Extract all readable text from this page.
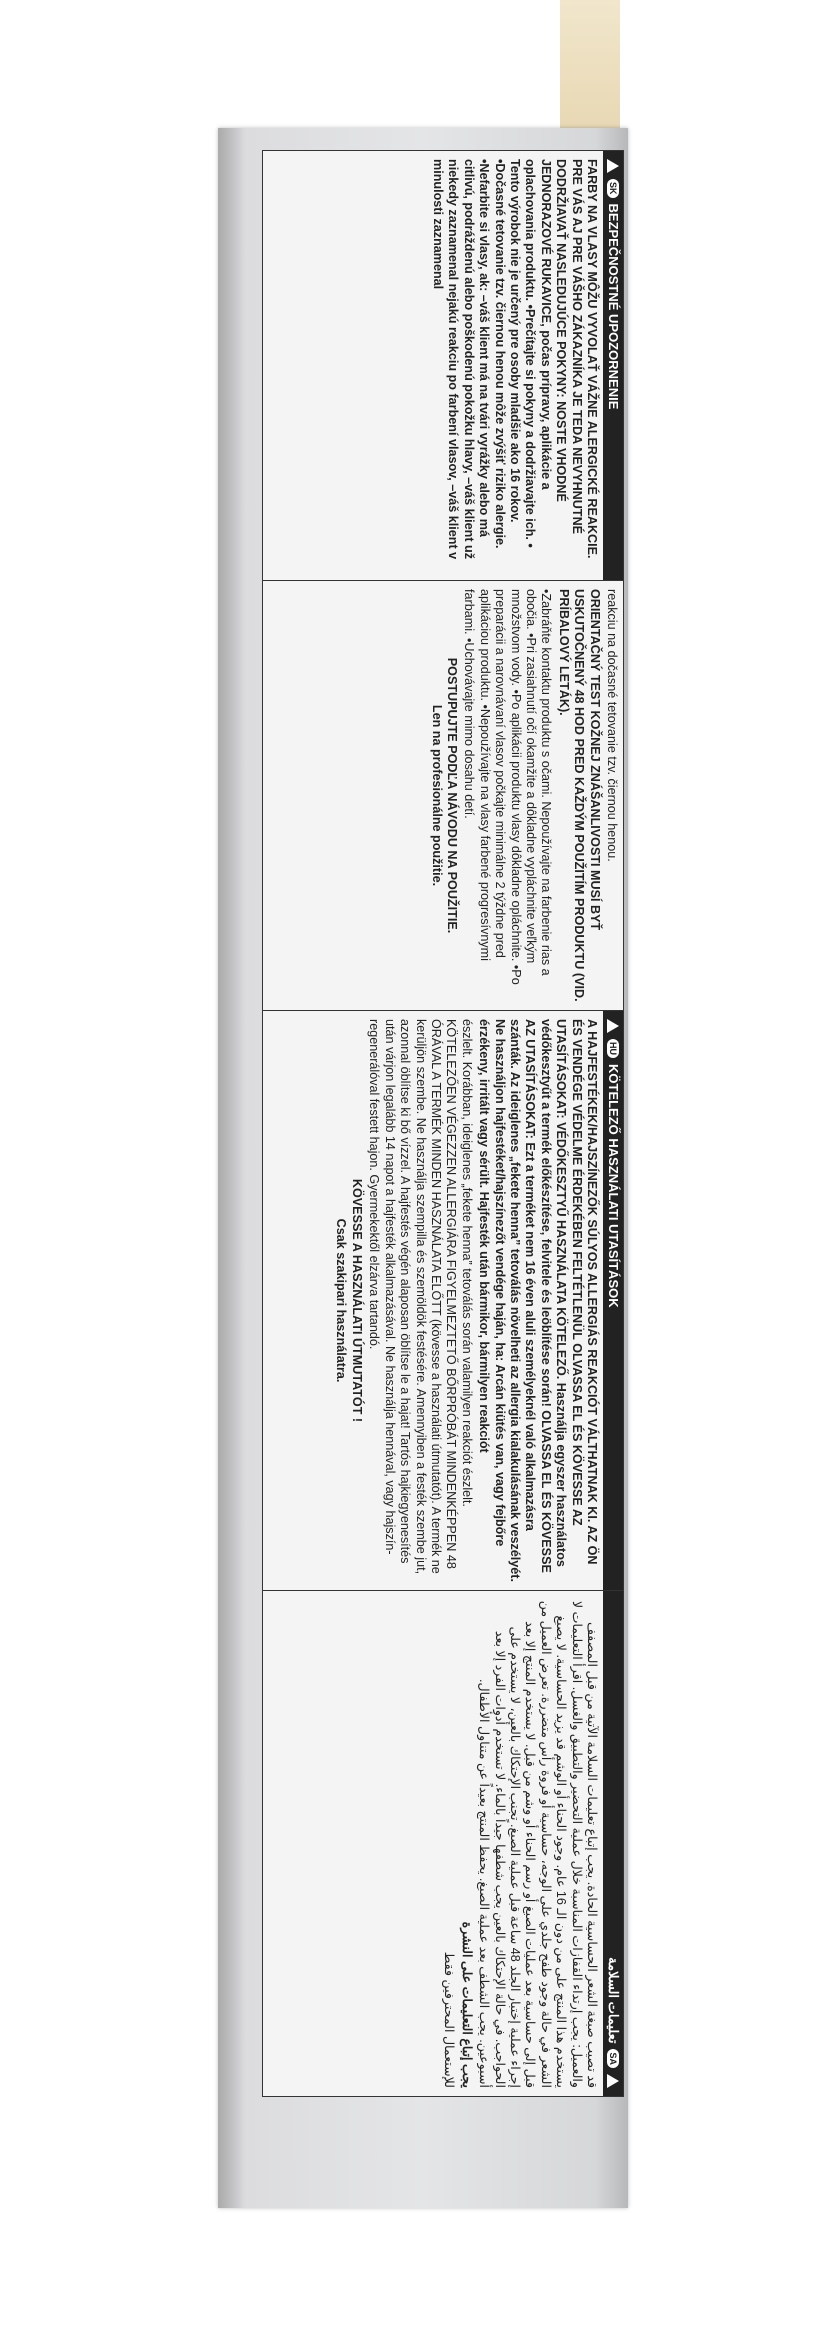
SK
BEZPEČNOSTNÉ UPOZORNENIE

FARBY NA VLASY MÔŽU VYVOLAŤ VÁŽNE ALERGICKÉ REAKCIE. PRE VÁS AJ PRE VÁŠHO ZÁKAZNÍKA JE TEDA NEVYHNUTNÉ DODRŽIAVAŤ NASLEDUJÚCE POKYNY: NOSTE VHODNÉ JEDNORAZOVÉ RUKAVICE, počas prípravy, aplikácie a oplachovania produktu. •Prečítajte si pokyny a dodržiavajte ich. • Tento výrobok nie je určený pre osoby mladšie ako 16 rokov. •Dočasné tetovanie tzv. čiernou henou môže zvýšiť riziko alergie. •Nefarbite si vlasy, ak: –váš klient má na tvári vyrážky alebo má citlivú, podráždenú alebo poškodenú pokožku hlavy, –váš klient už niekedy zaznamenal nejakú reakciu po farbení vlasov, –váš klient v minulosti zaznamenal

reakciu na dočasné tetovanie tzv. čiernou henou.

ORIENTAČNÝ TEST KOŽNEJ ZNÁŠANLIVOSTI MUSÍ BYŤ USKUTOČNENÝ 48 HOD PRED KAŽDÝM POUŽITÍM PRODUKTU (VID. PRÍBALOVÝ LETÁK).

•Zabráňte kontaktu produktu s očami. Nepoužívajte na farbenie rias a obočia. •Pri zasiahnutí očí okamžite a dôkladne vypláchnite veľkým množstvom vody. •Po aplikácii produktu vlasy dôkladne opláchnite. •Po preparácii a narovnávaní vlasov počkajte minimálne 2 týždne pred aplikáciou produktu. •Nepoužívajte na vlasy farbené progresívnymi farbami. •Uchovávajte mimo dosahu detí.

POSTUPUJTE PODĽA NÁVODU NA POUŽITIE.
Len na profesionálne použitie.
HU
KÖTELEZŐ HASZNÁLATI UTASÍTÁSOK

A HAJFESTÉKEK/HAJSZÍNEZŐK SÚLYOS ALLERGIÁS REAKCIÓT VÁLTHATNAK KI. AZ ÖN ÉS VENDÉGE VÉDELME ÉRDEKÉBEN FELTÉTLENÜL OLVASSA EL ÉS KÖVESSE AZ UTASÍTÁSOKAT: VÉDŐKESZTYŰ HASZNÁLATA KÖTELEZŐ. Használja egyszer használatos védőkesztyűt a termék előkészítése, felvitele és leöblítése során! OLVASSA EL ÉS KÖVESSE AZ UTASÍTÁSOKAT: Ezt a terméket nem 16 éven aluli személyeknél való alkalmazásra szánták. Az ideiglenes „fekete henna” tetoválás növelheti az allergia kialakulásának veszélyét. Ne használjon hajfestéket/hajszínezőt vendége haján, ha: Arcán kiütés van, vagy fejbőre érzékeny, irritált vagy sérült. Hajfesték után bármikor, bármilyen reakciót

észlelt. Korábban, ideiglenes „fekete henna” tetoválás során valamilyen reakciót észlelt. KÖTELEZŐEN VÉGEZZEN ALLERGIÁRA FIGYELMEZTETŐ BŐRPRÓBÁT MINDENKÉPPEN 48 ÓRÁVAL A TERMÉK MINDEN HASZNÁLATA ELŐTT (kövesse a használati útmutatót). A termék ne kerüljön szembe. Ne használja szempilla és szemöldök festésére. Amennyiben a festék szembe jut, azonnal öblítse ki bő vízzel. A hajfestés végén alaposan öblítse le a hajat! Tartós hajkiegyenesítés után várjon legalább 14 napot a hajfesték alkalmazásával. Ne használja hennával, vagy hajszín-regenerálóval festett hajon. Gyermekektől elzárva tartandó.

KÖVESSE A HASZNÁLATI ÚTMUTATÓT !
Csak szakipari használatra.
SA
تعليمات السلامة

قد تصيب صبغة الشعر الحساسية الحادة. يجب إتباع تعليمات السلامة الآتية من قبل المصفف والعميل: يجب إرتداء القفازات المناسبة خلال عملية التحضير والتطبيق والغسل. اقرأ التعليمات لا يستخدم هذا المنتج على من دون الـ 16 عام. وجود الحناء أو الوشم قد يزيد الحساسية. لا يصبغ الشعر في حالة وجود طفح جلدي على الوجه، حساسية أو فروة رأس متضررة. تعرض العميل من قبل إلى حساسية بعد عمليات الصبغ أو رسم الحناء أو وشم من قبل. لا يستخدم المنتج إلا بعد إجراء عملية إختبار الجلد 48 ساعة قبل عملية الصبغ. تجنب الإحتكاك بالعين، لا يستخدم على الحواجب. في حالة الإحتكاك بالعين يجب شطفها جيداً بالماء. لا تستخدم أدوات الفرد إلا بعد أسبوعين. يجب الشطف بعد عملية الصبغ. يحفظ المنتج بعيداً عن متناول الأطفال.

يجب إتباع التعليمات على النشرة

للإستعمال المحترفين فقط
